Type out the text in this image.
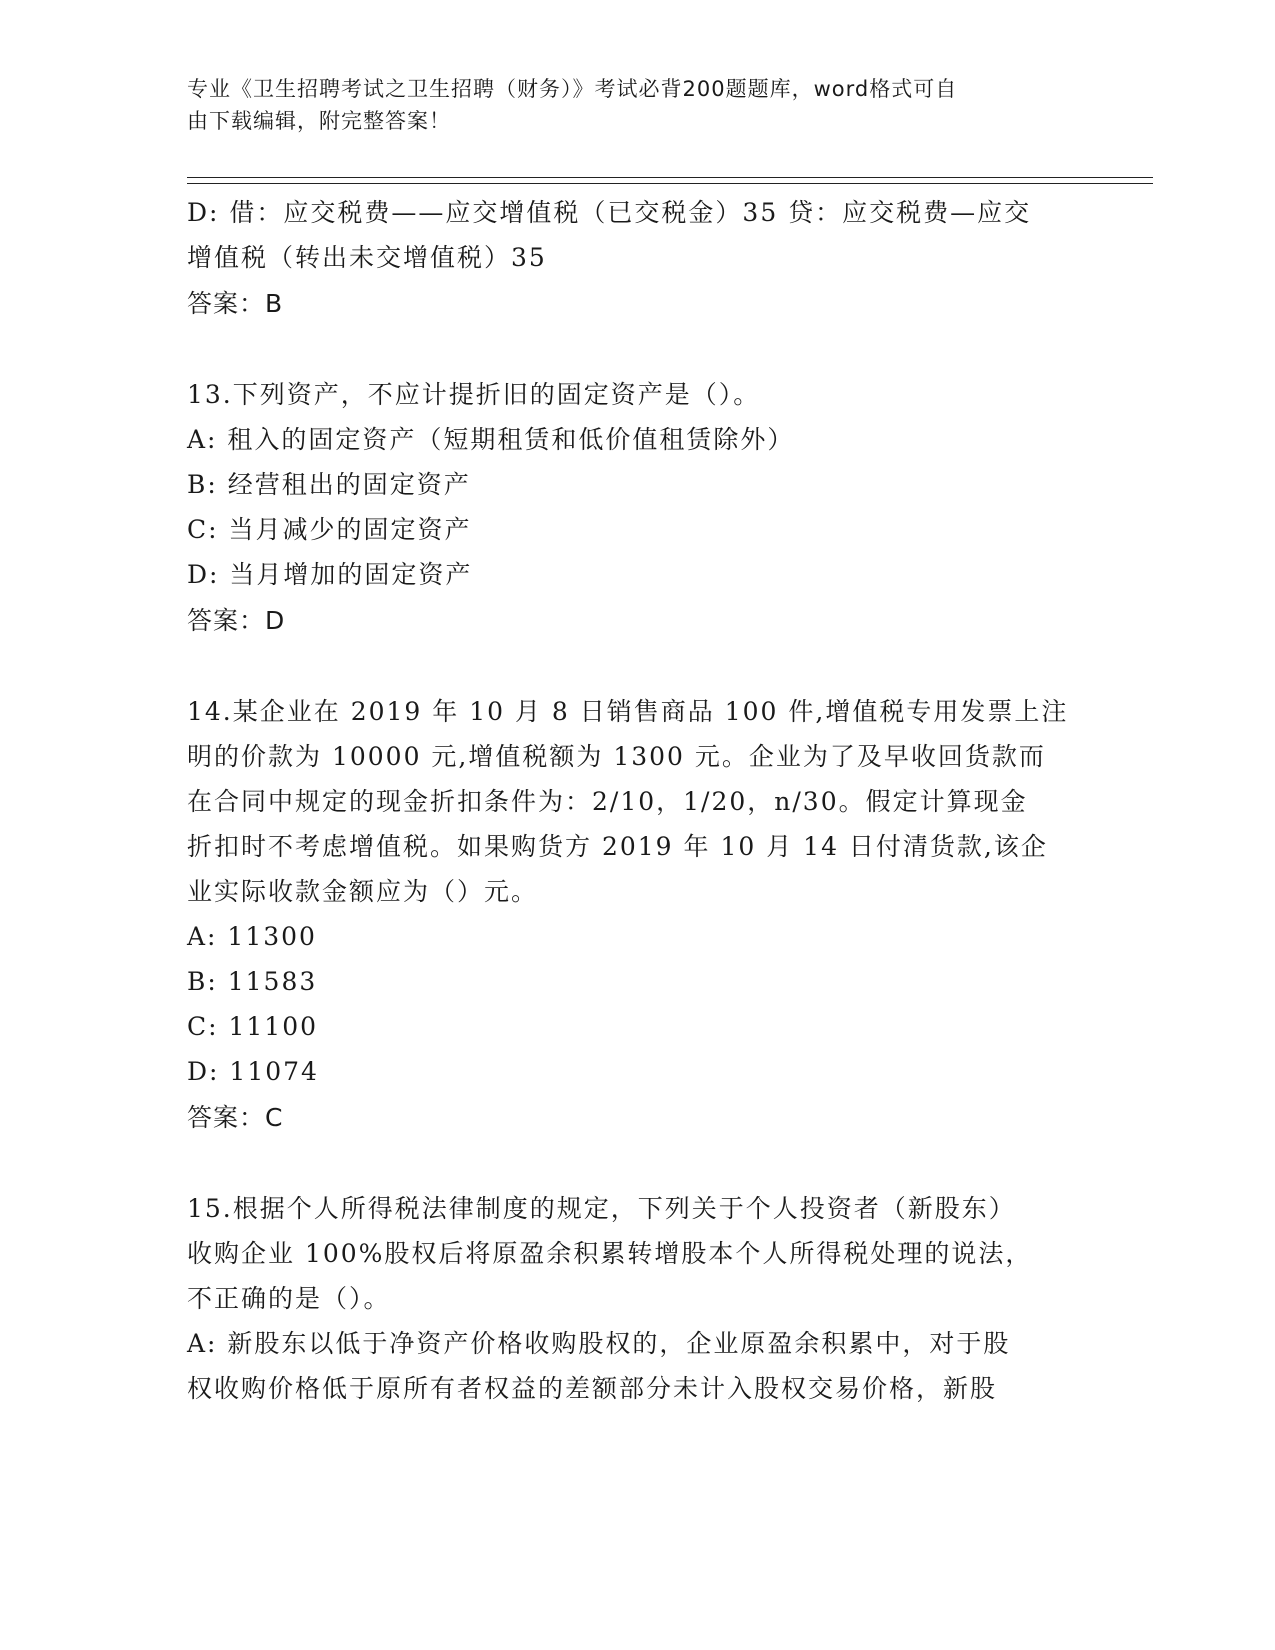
专业《卫生招聘考试之卫生招聘（财务）》考试必背200题题库，word格式可自
由下载编辑，附完整答案！

D: 借：应交税费——应交增值税（已交税金）35 贷：应交税费—应交

增值税（转出未交增值税）35

答案：B

13.下列资产，不应计提折旧的固定资产是（）。

A: 租入的固定资产（短期租赁和低价值租赁除外）

B: 经营租出的固定资产

C: 当月减少的固定资产

D: 当月增加的固定资产

答案：D

14.某企业在 2019 年 10 月 8 日销售商品 100 件,增值税专用发票上注

明的价款为 10000 元,增值税额为 1300 元。企业为了及早收回货款而

在合同中规定的现金折扣条件为：2/10，1/20，n/30。假定计算现金

折扣时不考虑增值税。如果购货方 2019 年 10 月 14 日付清货款,该企

业实际收款金额应为（）元。

A: 11300

B: 11583

C: 11100

D: 11074

答案：C

15.根据个人所得税法律制度的规定，下列关于个人投资者（新股东）

收购企业 100%股权后将原盈余积累转增股本个人所得税处理的说法，

不正确的是（）。

A: 新股东以低于净资产价格收购股权的，企业原盈余积累中，对于股

权收购价格低于原所有者权益的差额部分未计入股权交易价格，新股
